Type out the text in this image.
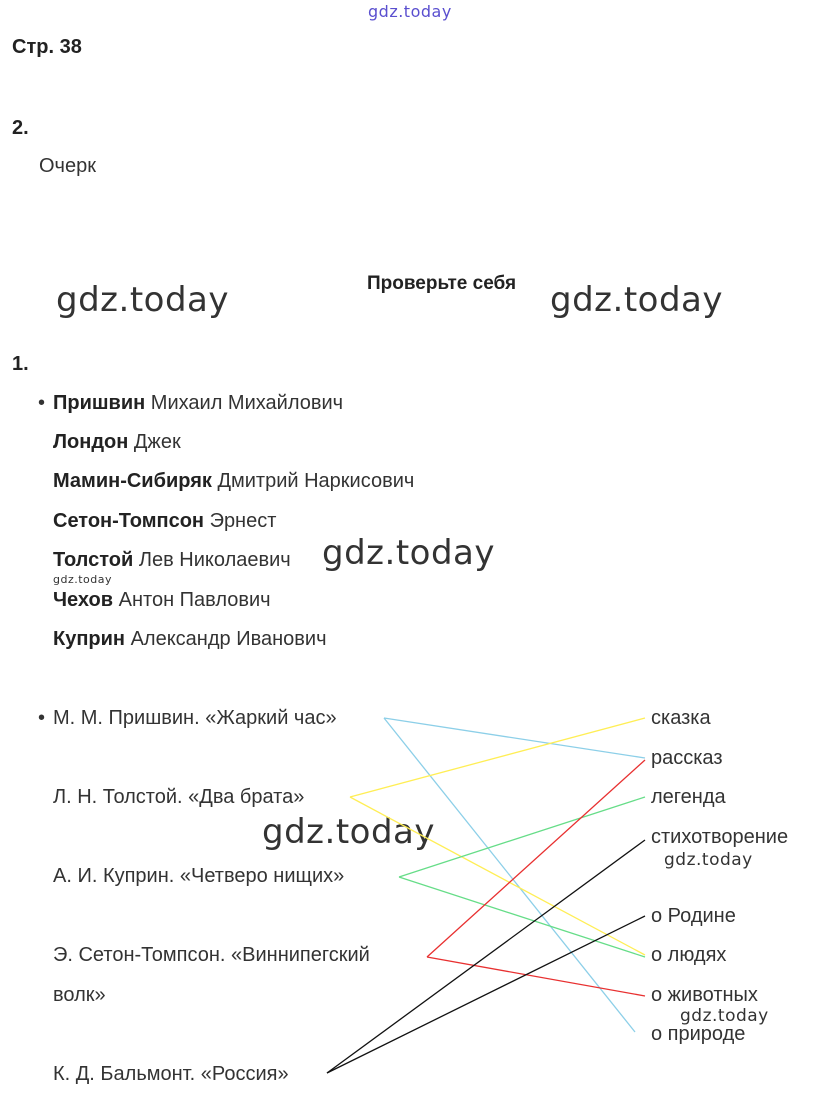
gdz.today
gdz.today	gdz.today
gdz.today
gdz.today
gdz.today
gdz.today
gdz.today
Стр. 38
2.
Очерк
Проверьте себя
1.
• Пришвин Михаил Михайлович
Лондон Джек
Мамин-Сибиряк Дмитрий Наркисович
Сетон-Томпсон Эрнест
Толстой Лев Николаевич
Чехов Антон Павлович
Куприн Александр Иванович
• М. М. Пришвин. «Жаркий час»
Л. Н. Толстой. «Два брата»
А. И. Куприн. «Четверо нищих»
Э. Сетон-Томпсон. «Виннипегский
волк»
К. Д. Бальмонт. «Россия»
сказка
рассказ
легенда
стихотворение
о Родине
о людях
о животных
о природе
